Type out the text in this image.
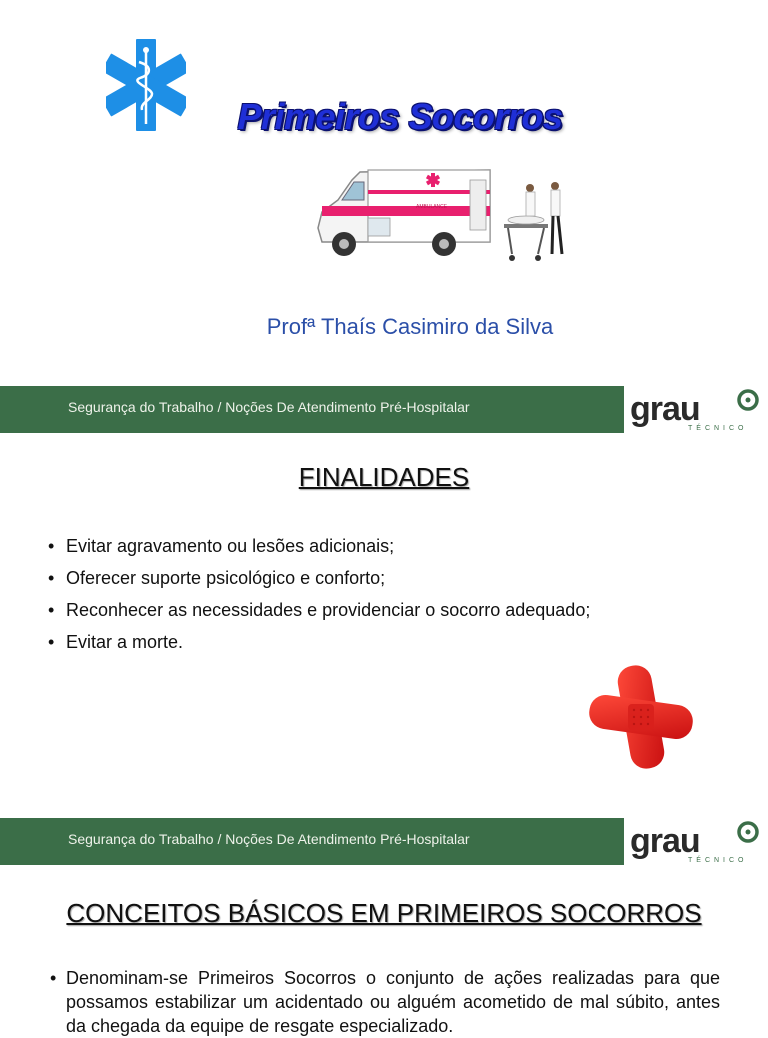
Primeiros Socorros
AMBULANCE
Profª Thaís Casimiro da Silva
Segurança do Trabalho / Noções De Atendimento Pré-Hospitalar	grau
TÉCNICO
FINALIDADES
• Evitar agravamento ou lesões adicionais;
• Oferecer suporte psicológico e conforto;
• Reconhecer as necessidades e providenciar o socorro adequado;
• Evitar a morte.
Segurança do Trabalho / Noções De Atendimento Pré-Hospitalar	grau
TÉCNICO
CONCEITOS BÁSICOS EM PRIMEIROS SOCORROS
• Denominam-se Primeiros Socorros o conjunto de ações realizadas para que possamos estabilizar um acidentado ou alguém acometido de mal súbito, antes da chegada da equipe de resgate especializado.
